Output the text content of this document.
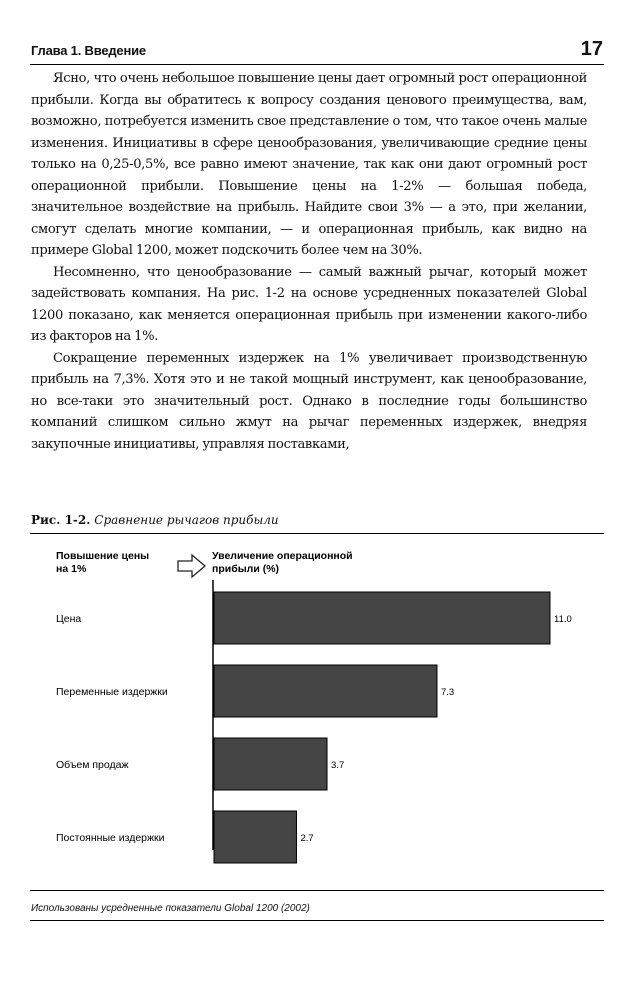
Глава 1. Введение	17

Ясно, что очень небольшое повышение цены дает огромный рост операционной прибыли. Когда вы обратитесь к вопросу создания ценового преимущества, вам, возможно, потребуется изменить свое представление о том, что такое очень малые изменения. Инициативы в сфере ценообразования, увеличивающие средние цены только на 0,25-0,5%, все равно имеют значение, так как они дают огромный рост операционной прибыли. Повышение цены на 1-2% — большая победа, значительное воздействие на прибыль. Найдите свои 3% — а это, при желании, смогут сделать многие компании, — и операционная прибыль, как видно на примере Global 1200, может подскочить более чем на 30%.

Несомненно, что ценообразование — самый важный рычаг, который может задействовать компания. На рис. 1-2 на основе усредненных показателей Global 1200 показано, как меняется операционная прибыль при изменении какого-либо из факторов на 1%.

Сокращение переменных издержек на 1% увеличивает производственную прибыль на 7,3%. Хотя это и не такой мощный инструмент, как ценообразование, но все-таки это значительный рост. Однако в последние годы большинство компаний слишком сильно жмут на рычаг переменных издержек, внедряя закупочные инициативы, управляя поставками,

Рис. 1-2. Сравнение рычагов прибыли
Повышение цены
на 1%
Увеличение операционной
прибыли (%)
Цена	11.0
Переменные издержки	7.3
Объем продаж	3.7
Постоянные издержки	2.7
Использованы усредненные показатели Global 1200 (2002)
